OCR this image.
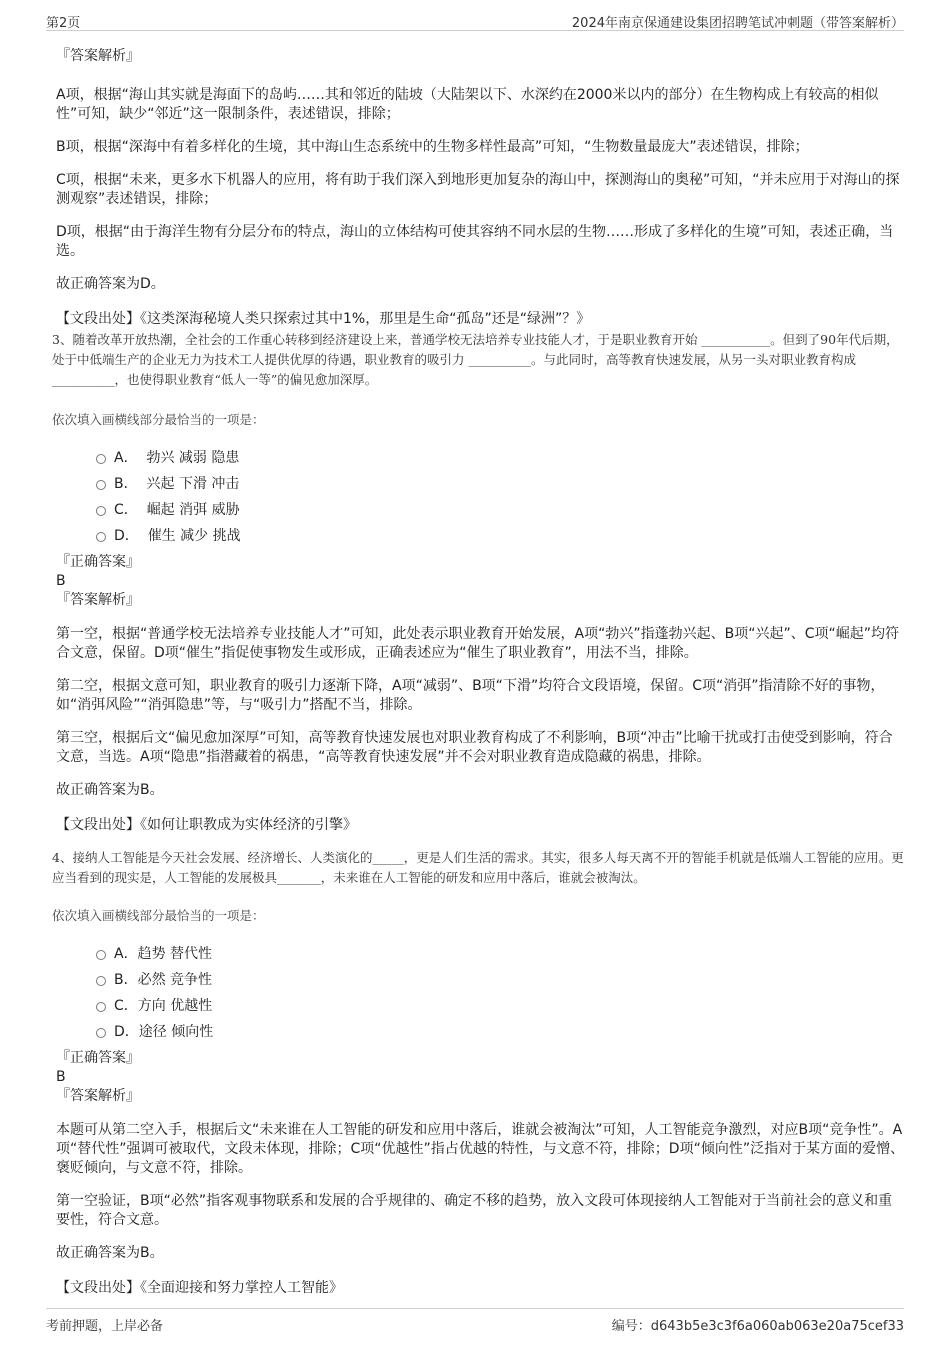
第2页	2024年南京保通建设集团招聘笔试冲刺题（带答案解析）

『答案解析』

A项，根据“海山其实就是海面下的岛屿……其和邻近的陆坡（大陆架以下、水深约在2000米以内的部分）在生物构成上有较高的相似性”可知，缺少“邻近”这一限制条件，表述错误，排除；

B项，根据“深海中有着多样化的生境，其中海山生态系统中的生物多样性最高”可知，“生物数量最庞大”表述错误，排除；

C项，根据“未来，更多水下机器人的应用，将有助于我们深入到地形更加复杂的海山中，探测海山的奥秘”可知，“并未应用于对海山的探测观察”表述错误，排除；

D项，根据“由于海洋生物有分层分布的特点，海山的立体结构可使其容纳不同水层的生物……形成了多样化的生境”可知，表述正确，当选。

故正确答案为D。

【文段出处】《这类深海秘境人类只探索过其中1%，那里是生命“孤岛”还是“绿洲”？》

3、随着改革开放热潮，全社会的工作重心转移到经济建设上来，普通学校无法培养专业技能人才，于是职业教育开始 ___________。但到了90年代后期，处于中低端生产的企业无力为技术工人提供优厚的待遇，职业教育的吸引力 __________。与此同时，高等教育快速发展，从另一头对职业教育构成 __________，也使得职业教育“低人一等”的偏见愈加深厚。

依次填入画横线部分最恰当的一项是：

A． 勃兴 减弱 隐患
B． 兴起 下滑 冲击
C． 崛起 消弭 威胁
D． 催生 减少 挑战

『正确答案』

B

『答案解析』

第一空，根据“普通学校无法培养专业技能人才”可知，此处表示职业教育开始发展，A项“勃兴”指蓬勃兴起、B项“兴起”、C项“崛起”均符合文意，保留。D项“催生”指促使事物发生或形成，正确表述应为“催生了职业教育”，用法不当，排除。

第二空，根据文意可知，职业教育的吸引力逐渐下降，A项“减弱”、B项“下滑”均符合文段语境，保留。C项“消弭”指清除不好的事物，如“消弭风险”“消弭隐患”等，与“吸引力”搭配不当，排除。

第三空，根据后文“偏见愈加深厚”可知，高等教育快速发展也对职业教育构成了不利影响，B项“冲击”比喻干扰或打击使受到影响，符合文意，当选。A项“隐患”指潜藏着的祸患，“高等教育快速发展”并不会对职业教育造成隐藏的祸患，排除。

故正确答案为B。

【文段出处】《如何让职教成为实体经济的引擎》

4、接纳人工智能是今天社会发展、经济增长、人类演化的_____，更是人们生活的需求。其实，很多人每天离不开的智能手机就是低端人工智能的应用。更应当看到的现实是，人工智能的发展极具_______，未来谁在人工智能的研发和应用中落后，谁就会被淘汰。

依次填入画横线部分最恰当的一项是：

A．趋势 替代性
B．必然 竞争性
C．方向 优越性
D．途径 倾向性

『正确答案』

B

『答案解析』

本题可从第二空入手，根据后文“未来谁在人工智能的研发和应用中落后，谁就会被淘汰”可知，人工智能竞争激烈，对应B项“竞争性”。A项“替代性”强调可被取代，文段未体现，排除；C项“优越性”指占优越的特性，与文意不符，排除；D项“倾向性”泛指对于某方面的爱憎、褒贬倾向，与文意不符，排除。

第一空验证，B项“必然”指客观事物联系和发展的合乎规律的、确定不移的趋势，放入文段可体现接纳人工智能对于当前社会的意义和重要性，符合文意。

故正确答案为B。

【文段出处】《全面迎接和努力掌控人工智能》

考前押题，上岸必备	编号：d643b5e3c3f6a060ab063e20a75cef33
